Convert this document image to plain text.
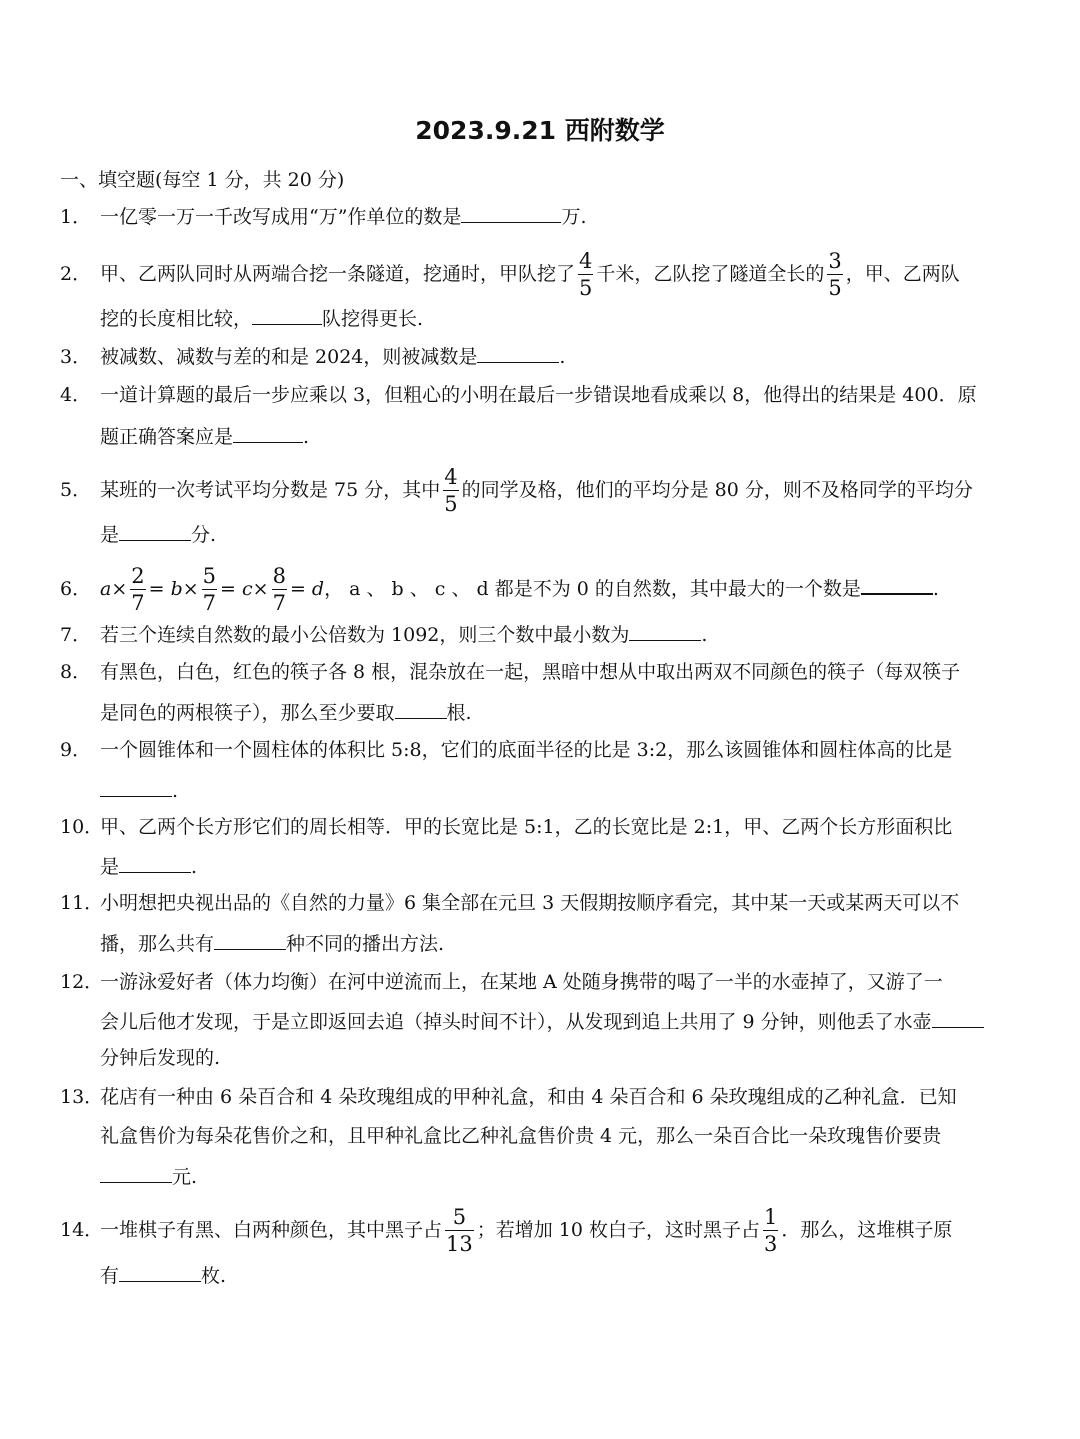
2023.9.21 西附数学
一、填空题(每空 1 分，共 20 分)
1． 一亿零一万一千改写成用“万”作单位的数是	万.
2． 甲、乙两队同时从两端合挖一条隧道，挖通时，甲队挖了 $\frac{4}{5}$ 千米，乙队挖了隧道全长的 $\frac{3}{5}$ ，甲、乙两队
挖的长度相比较，	队挖得更长.
3． 被减数、减数与差的和是 2024，则被减数是	.
4． 一道计算题的最后一步应乘以 3，但粗心的小明在最后一步错误地看成乘以 8，他得出的结果是 400．原
题正确答案应是	.
5． 某班的一次考试平均分数是 75 分，其中 $\frac{4}{5}$ 的同学及格，他们的平均分是 80 分，则不及格同学的平均分
是	分.
6． $a\times \frac{2}{7} = b\times \frac{5}{7} = c\times \frac{8}{7} = d$， a 、 b 、 c 、 d 都是不为 0 的自然数，其中最大的一个数是	.
7． 若三个连续自然数的最小公倍数为 1092，则三个数中最小数为	.
8． 有黑色，白色，红色的筷子各 8 根，混杂放在一起，黑暗中想从中取出两双不同颜色的筷子（每双筷子
是同色的两根筷子），那么至少要取	根.
9． 一个圆锥体和一个圆柱体的体积比 5:8，它们的底面半径的比是 3:2，那么该圆锥体和圆柱体高的比是
.
10．甲、乙两个长方形它们的周长相等．甲的长宽比是 5:1，乙的长宽比是 2:1，甲、乙两个长方形面积比
是	.
11．小明想把央视出品的《自然的力量》6 集全部在元旦 3 天假期按顺序看完，其中某一天或某两天可以不
播，那么共有	种不同的播出方法.
12．一游泳爱好者（体力均衡）在河中逆流而上，在某地 A 处随身携带的喝了一半的水壶掉了，又游了一
会儿后他才发现，于是立即返回去追（掉头时间不计），从发现到追上共用了 9 分钟，则他丢了水壶
分钟后发现的.
13．花店有一种由 6 朵百合和 4 朵玫瑰组成的甲种礼盒，和由 4 朵百合和 6 朵玫瑰组成的乙种礼盒．已知
礼盒售价为每朵花售价之和，且甲种礼盒比乙种礼盒售价贵 4 元，那么一朵百合比一朵玫瑰售价要贵
元.
14．一堆棋子有黑、白两种颜色，其中黑子占 $\frac{5}{13}$ ；若增加 10 枚白子，这时黑子占 $\frac{1}{3}$ ．那么，这堆棋子原
有	枚.
